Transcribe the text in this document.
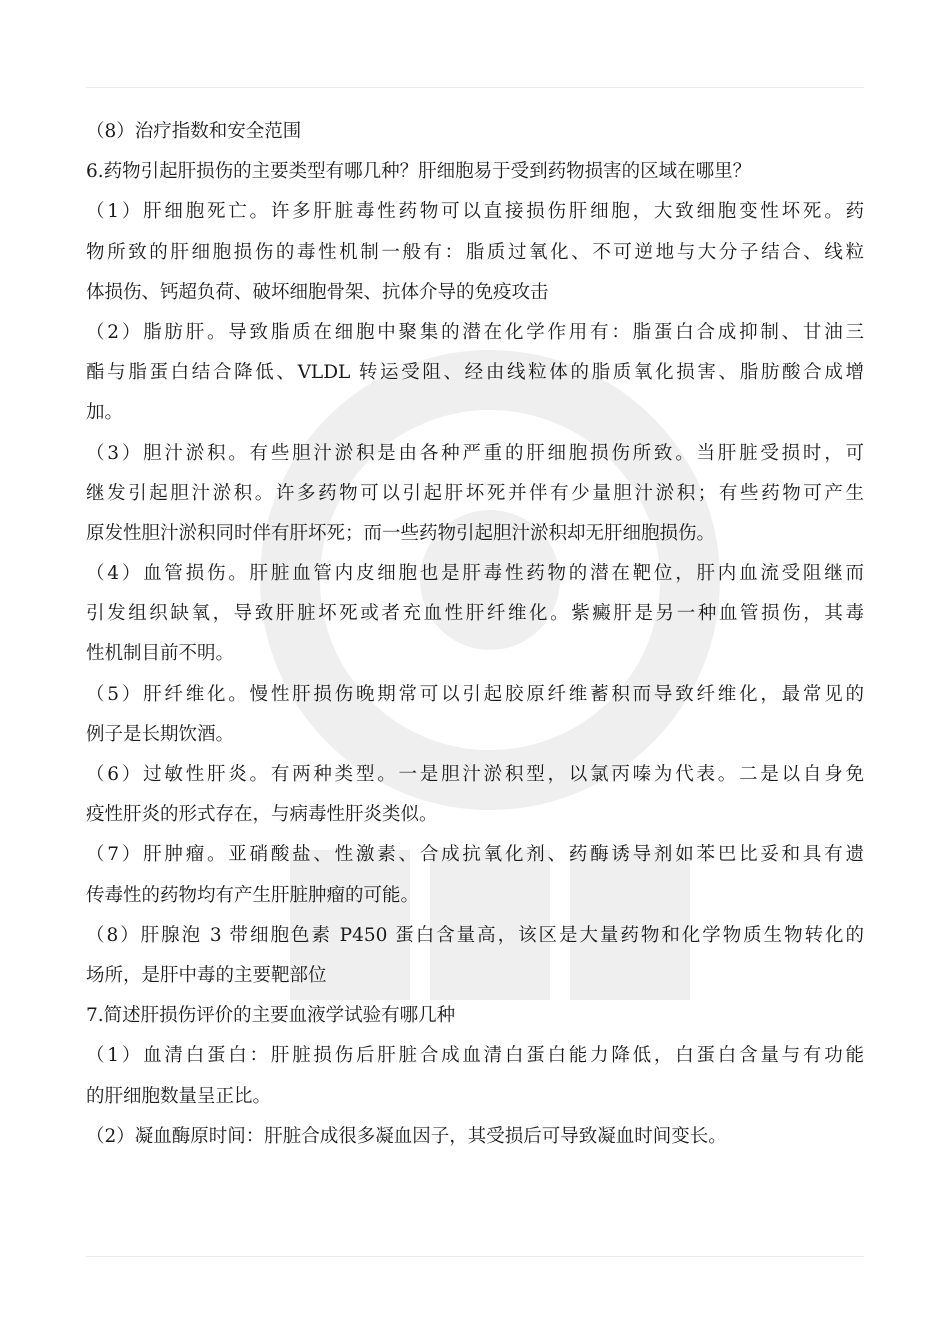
（8）治疗指数和安全范围
6.药物引起肝损伤的主要类型有哪几种？肝细胞易于受到药物损害的区域在哪里？
（1）肝细胞死亡。许多肝脏毒性药物可以直接损伤肝细胞，大致细胞变性坏死。药
物所致的肝细胞损伤的毒性机制一般有：脂质过氧化、不可逆地与大分子结合、线粒
体损伤、钙超负荷、破坏细胞骨架、抗体介导的免疫攻击
（2）脂肪肝。导致脂质在细胞中聚集的潜在化学作用有：脂蛋白合成抑制、甘油三
酯与脂蛋白结合降低、VLDL 转运受阻、经由线粒体的脂质氧化损害、脂肪酸合成增
加。
（3）胆汁淤积。有些胆汁淤积是由各种严重的肝细胞损伤所致。当肝脏受损时，可
继发引起胆汁淤积。许多药物可以引起肝坏死并伴有少量胆汁淤积；有些药物可产生
原发性胆汁淤积同时伴有肝坏死；而一些药物引起胆汁淤积却无肝细胞损伤。
（4）血管损伤。肝脏血管内皮细胞也是肝毒性药物的潜在靶位，肝内血流受阻继而
引发组织缺氧，导致肝脏坏死或者充血性肝纤维化。紫癜肝是另一种血管损伤，其毒
性机制目前不明。
（5）肝纤维化。慢性肝损伤晚期常可以引起胶原纤维蓄积而导致纤维化，最常见的
例子是长期饮酒。
（6）过敏性肝炎。有两种类型。一是胆汁淤积型，以氯丙嗪为代表。二是以自身免
疫性肝炎的形式存在，与病毒性肝炎类似。
（7）肝肿瘤。亚硝酸盐、性激素、合成抗氧化剂、药酶诱导剂如苯巴比妥和具有遗
传毒性的药物均有产生肝脏肿瘤的可能。
（8）肝腺泡 3 带细胞色素 P450 蛋白含量高，该区是大量药物和化学物质生物转化的
场所，是肝中毒的主要靶部位
7.简述肝损伤评价的主要血液学试验有哪几种
（1）血清白蛋白：肝脏损伤后肝脏合成血清白蛋白能力降低，白蛋白含量与有功能
的肝细胞数量呈正比。
（2）凝血酶原时间：肝脏合成很多凝血因子，其受损后可导致凝血时间变长。
